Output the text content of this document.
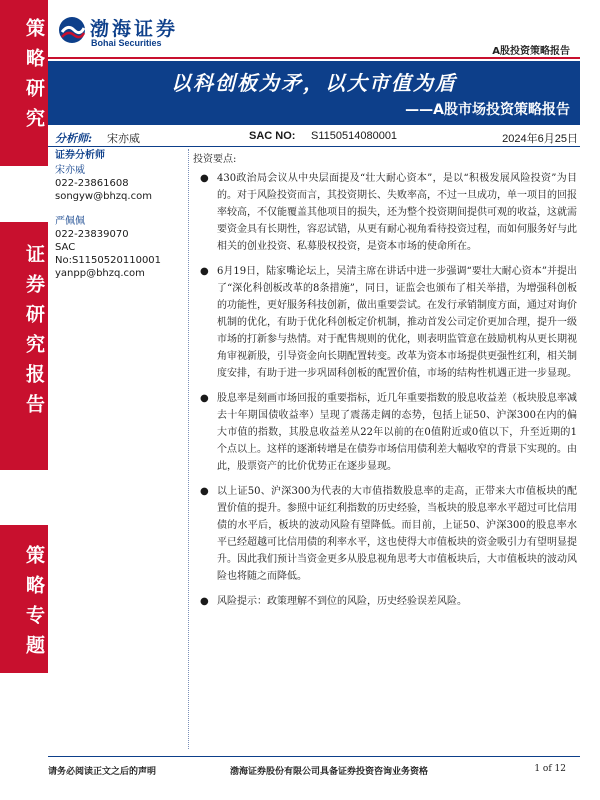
策略研究
证券研究报告
策略专题
渤海证券
Bohai Securities
A股投资策略报告
以科创板为矛，以大市值为盾
——A股市场投资策略报告
分析师: 宋亦威	SAC NO: S1150514080001	2024年6月25日
证券分析师
宋亦威
022-23861608
songyw@bhzq.com
严佩佩
022-23839070
SAC No:S1150520110001
yanpp@bhzq.com
投资要点:
● 430政治局会议从中央层面提及“壮大耐心资本”，是以“积极发展风险投资”为目的。对于风险投资而言，其投资期长、失败率高，不过一旦成功，单一项目的回报率较高，不仅能覆盖其他项目的损失，还为整个投资期间提供可观的收益，这就需要资金具有长期性，容忍试错，从更有耐心视角看待投资过程，而如何服务好与此相关的创业投资、私募股权投资，是资本市场的使命所在。
● 6月19日，陆家嘴论坛上，吴清主席在讲话中进一步强调“要壮大耐心资本”并提出了“深化科创板改革的8条措施”，同日，证监会也颁布了相关举措，为增强科创板的功能性，更好服务科技创新，做出重要尝试。在发行承销制度方面，通过对询价机制的优化，有助于优化科创板定价机制，推动首发公司定价更加合理，提升一级市场的打新参与热情。对于配售规则的优化，则表明监管意在鼓励机构从更长期视角审视新股，引导资金向长期配置转变。改革为资本市场提供更强性红利，相关制度安排，有助于进一步巩固科创板的配置价值，市场的结构性机遇正进一步显现。
● 股息率是刻画市场回报的重要指标，近几年重要指数的股息收益差（板块股息率减去十年期国债收益率）呈现了震荡走阔的态势，包括上证50、沪深300在内的偏大市值的指数，其股息收益差从22年以前的在0值附近或0值以下，升至近期的1个点以上。这样的逐渐转增是在债券市场信用债利差大幅收窄的背景下实现的。由此，股票资产的比价优势正在逐步显现。
● 以上证50、沪深300为代表的大市值指数股息率的走高，正带来大市值板块的配置价值的提升。参照中证红利指数的历史经验，当板块的股息率水平超过可比信用债的水平后，板块的波动风险有望降低。而目前，上证50、沪深300的股息率水平已经超越可比信用债的利率水平，这也使得大市值板块的资金吸引力有望明显提升。因此我们预计当资金更多从股息视角思考大市值板块后，大市值板块的波动风险也将随之而降低。
● 风险提示：政策理解不到位的风险，历史经验误差风险。
请务必阅读正文之后的声明	渤海证券股份有限公司具备证券投资咨询业务资格	1 of 12
